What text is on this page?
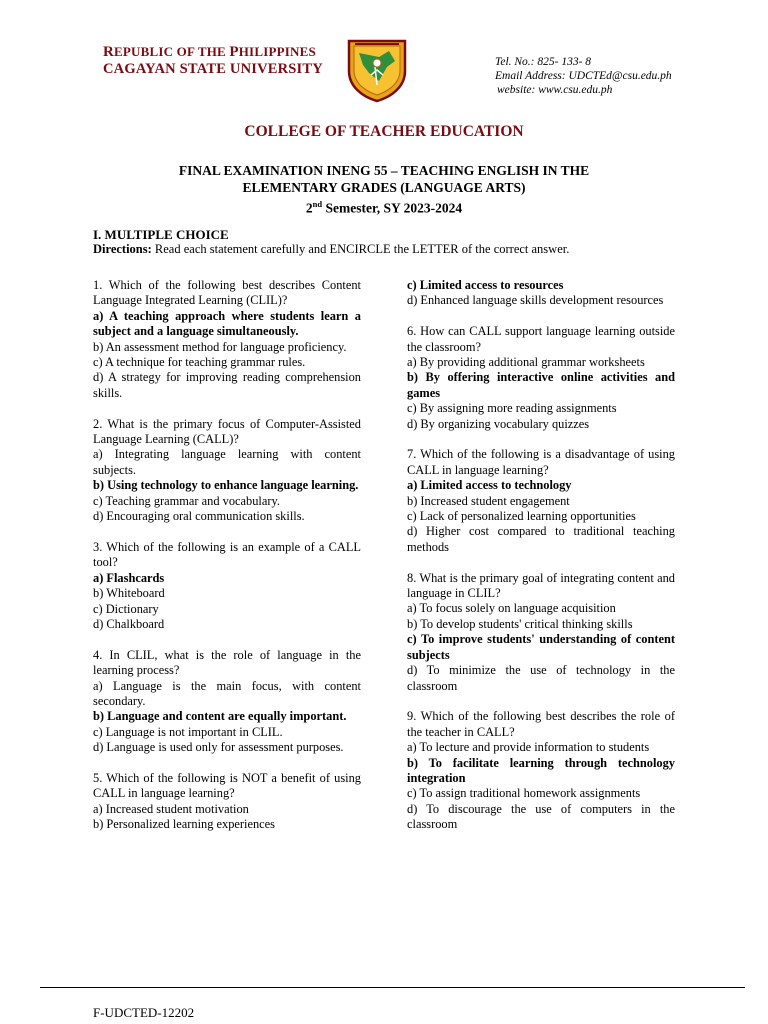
REPUBLIC OF THE PHILIPPINES
CAGAYAN STATE UNIVERSITY	Tel. No.: 825- 133- 8
Email Address: UDCTEd@csu.edu.ph
website: www.csu.edu.ph
COLLEGE OF TEACHER EDUCATION
FINAL EXAMINATION INENG 55 – TEACHING ENGLISH IN THE
ELEMENTARY GRADES (LANGUAGE ARTS)
2nd Semester, SY 2023-2024
I. MULTIPLE CHOICE
Directions: Read each statement carefully and ENCIRCLE the LETTER of the correct answer.

1. Which of the following best describes Content Language Integrated Learning (CLIL)?

a) A teaching approach where students learn a subject and a language simultaneously.

b) An assessment method for language proficiency.

c) A technique for teaching grammar rules.

d) A strategy for improving reading comprehension skills.

2. What is the primary focus of Computer-Assisted Language Learning (CALL)?

a) Integrating language learning with content subjects.

b) Using technology to enhance language learning.

c) Teaching grammar and vocabulary.

d) Encouraging oral communication skills.

3. Which of the following is an example of a CALL tool?

a) Flashcards

b) Whiteboard

c) Dictionary

d) Chalkboard

4. In CLIL, what is the role of language in the learning process?

a) Language is the main focus, with content secondary.

b) Language and content are equally important.

c) Language is not important in CLIL.

d) Language is used only for assessment purposes.

5. Which of the following is NOT a benefit of using CALL in language learning?

a) Increased student motivation

b) Personalized learning experiences

c) Limited access to resources

d) Enhanced language skills development resources

6. How can CALL support language learning outside the classroom?

a) By providing additional grammar worksheets

b) By offering interactive online activities and games

c) By assigning more reading assignments

d) By organizing vocabulary quizzes

7. Which of the following is a disadvantage of using CALL in language learning?

a) Limited access to technology

b) Increased student engagement

c) Lack of personalized learning opportunities

d) Higher cost compared to traditional teaching methods

8. What is the primary goal of integrating content and language in CLIL?

a) To focus solely on language acquisition

b) To develop students' critical thinking skills

c) To improve students' understanding of content subjects

d) To minimize the use of technology in the classroom

9. Which of the following best describes the role of the teacher in CALL?

a) To lecture and provide information to students

b) To facilitate learning through technology integration

c) To assign traditional homework assignments

d) To discourage the use of computers in the classroom

F-UDCTED-12202
